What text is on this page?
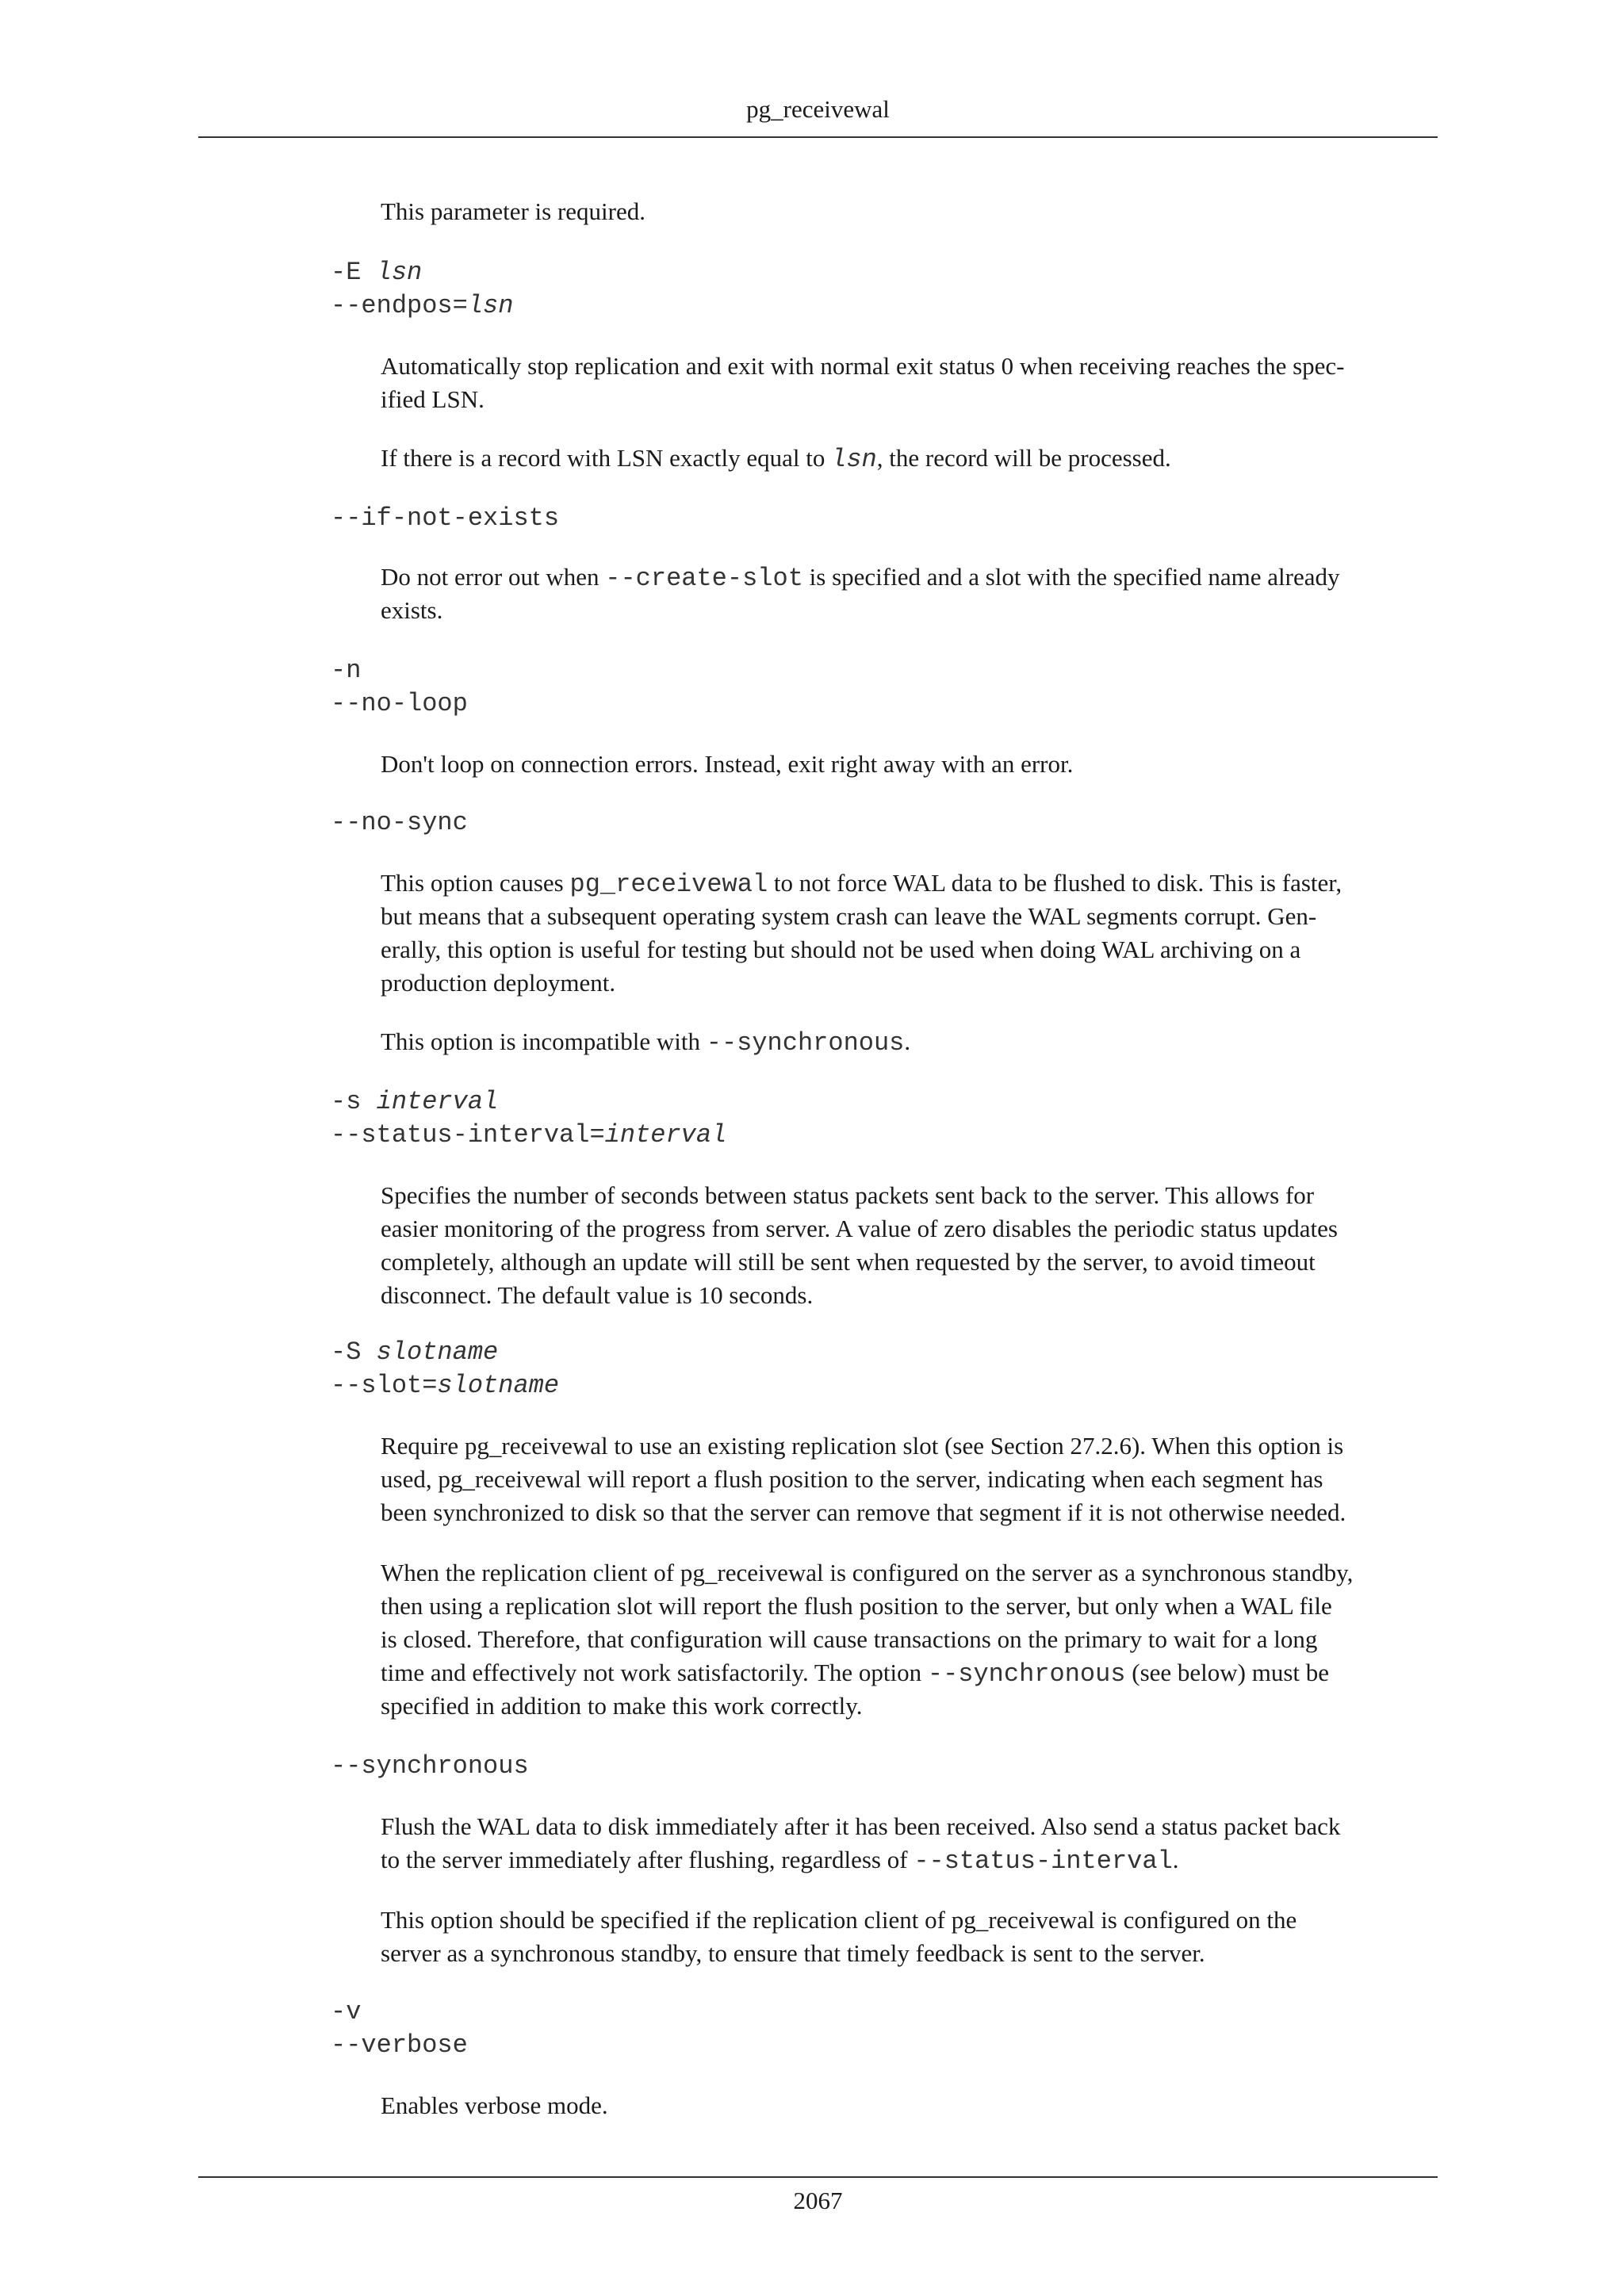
pg_receivewal
This parameter is required.
-E lsn
--endpos=lsn
Automatically stop replication and exit with normal exit status 0 when receiving reaches the spec-
ified LSN.
If there is a record with LSN exactly equal to lsn, the record will be processed.
--if-not-exists
Do not error out when --create-slot is specified and a slot with the specified name already
exists.
-n
--no-loop
Don't loop on connection errors. Instead, exit right away with an error.
--no-sync
This option causes pg_receivewal to not force WAL data to be flushed to disk. This is faster,
but means that a subsequent operating system crash can leave the WAL segments corrupt. Gen-
erally, this option is useful for testing but should not be used when doing WAL archiving on a
production deployment.
This option is incompatible with --synchronous.
-s interval
--status-interval=interval
Specifies the number of seconds between status packets sent back to the server. This allows for
easier monitoring of the progress from server. A value of zero disables the periodic status updates
completely, although an update will still be sent when requested by the server, to avoid timeout
disconnect. The default value is 10 seconds.
-S slotname
--slot=slotname
Require pg_receivewal to use an existing replication slot (see Section 27.2.6). When this option is
used, pg_receivewal will report a flush position to the server, indicating when each segment has
been synchronized to disk so that the server can remove that segment if it is not otherwise needed.
When the replication client of pg_receivewal is configured on the server as a synchronous standby,
then using a replication slot will report the flush position to the server, but only when a WAL file
is closed. Therefore, that configuration will cause transactions on the primary to wait for a long
time and effectively not work satisfactorily. The option --synchronous (see below) must be
specified in addition to make this work correctly.
--synchronous
Flush the WAL data to disk immediately after it has been received. Also send a status packet back
to the server immediately after flushing, regardless of --status-interval.
This option should be specified if the replication client of pg_receivewal is configured on the
server as a synchronous standby, to ensure that timely feedback is sent to the server.
-v
--verbose
Enables verbose mode.
2067
